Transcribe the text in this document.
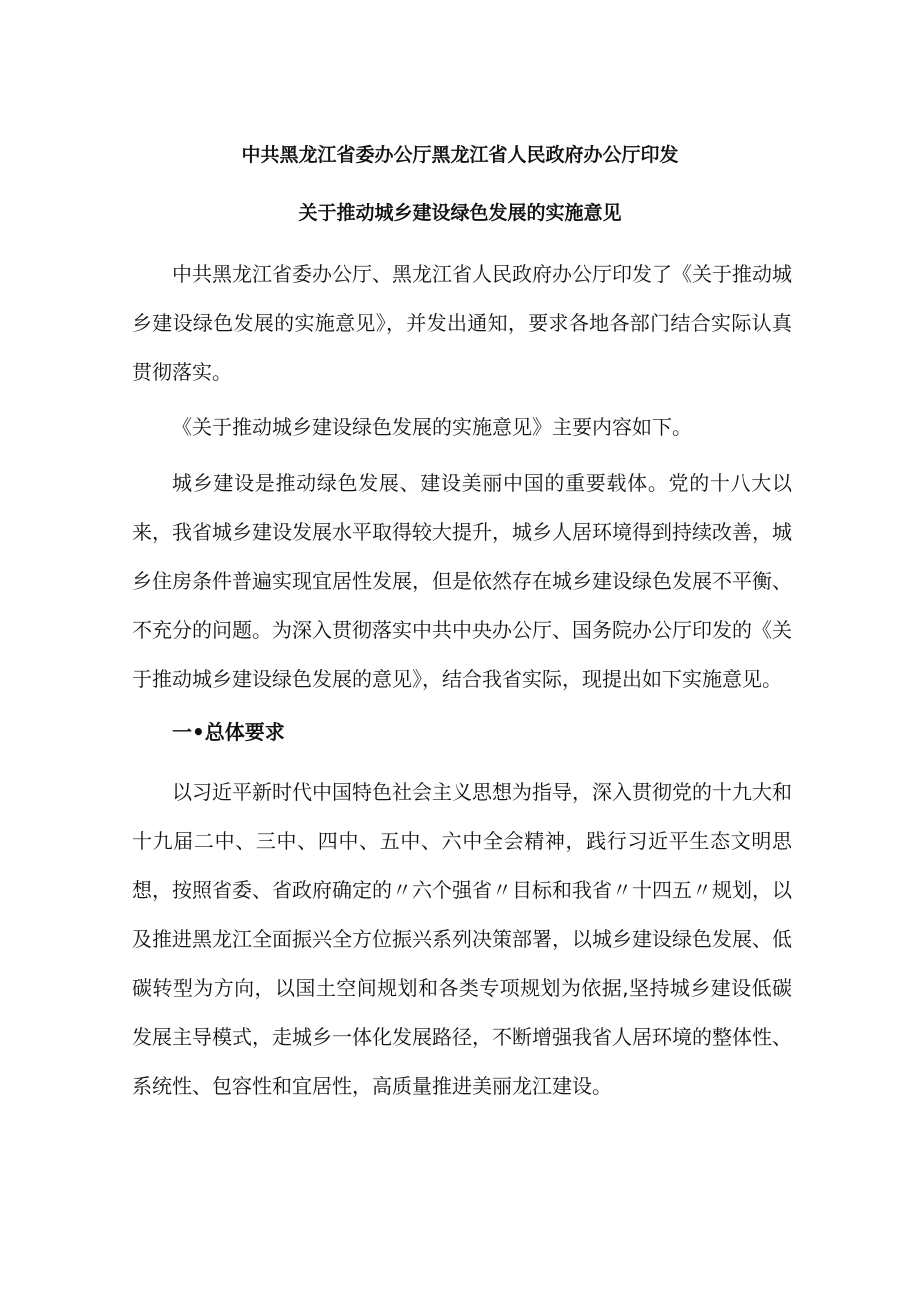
中共黑龙江省委办公厅黑龙江省人民政府办公厅印发
关于推动城乡建设绿色发展的实施意见
中共黑龙江省委办公厅、黑龙江省人民政府办公厅印发了《关于推动城乡建设绿色发展的实施意见》，并发出通知，要求各地各部门结合实际认真贯彻落实。
《关于推动城乡建设绿色发展的实施意见》主要内容如下。
城乡建设是推动绿色发展、建设美丽中国的重要载体。党的十八大以来，我省城乡建设发展水平取得较大提升，城乡人居环境得到持续改善，城乡住房条件普遍实现宜居性发展，但是依然存在城乡建设绿色发展不平衡、不充分的问题。为深入贯彻落实中共中央办公厅、国务院办公厅印发的《关于推动城乡建设绿色发展的意见》，结合我省实际，现提出如下实施意见。
一•总体要求
以习近平新时代中国特色社会主义思想为指导，深入贯彻党的十九大和十九届二中、三中、四中、五中、六中全会精神，践行习近平生态文明思想，按照省委、省政府确定的〃六个强省〃目标和我省〃十四五〃规划，以及推进黑龙江全面振兴全方位振兴系列决策部署，以城乡建设绿色发展、低碳转型为方向，以国土空间规划和各类专项规划为依据,坚持城乡建设低碳发展主导模式，走城乡一体化发展路径，不断增强我省人居环境的整体性、系统性、包容性和宜居性，高质量推进美丽龙江建设。
